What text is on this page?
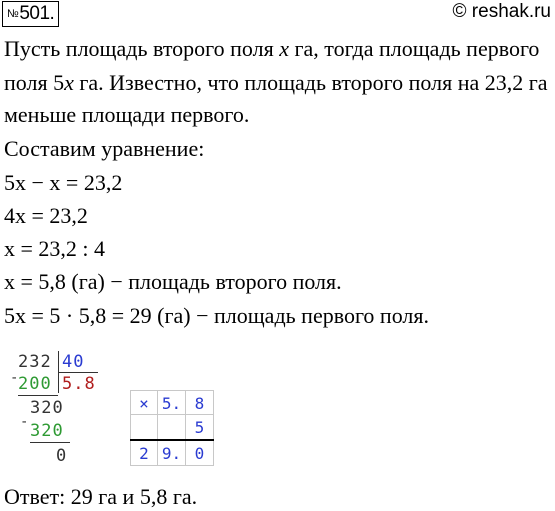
№501.	© reshak.ru
Пусть площадь второго поля x га, тогда площадь первого
поля 5x га. Известно, что площадь второго поля на 23,2 га
меньше площади первого.
Составим уравнение:
5x − x = 23,2
4x = 23,2
x = 23,2 : 4
x = 5,8 (га) − площадь второго поля.
5x = 5 · 5,8 = 29 (га) − площадь первого поля.
232 40
-
200 5.8
320
- 320
0
× 5. 8
5
2 9. 0
Ответ: 29 га и 5,8 га.
